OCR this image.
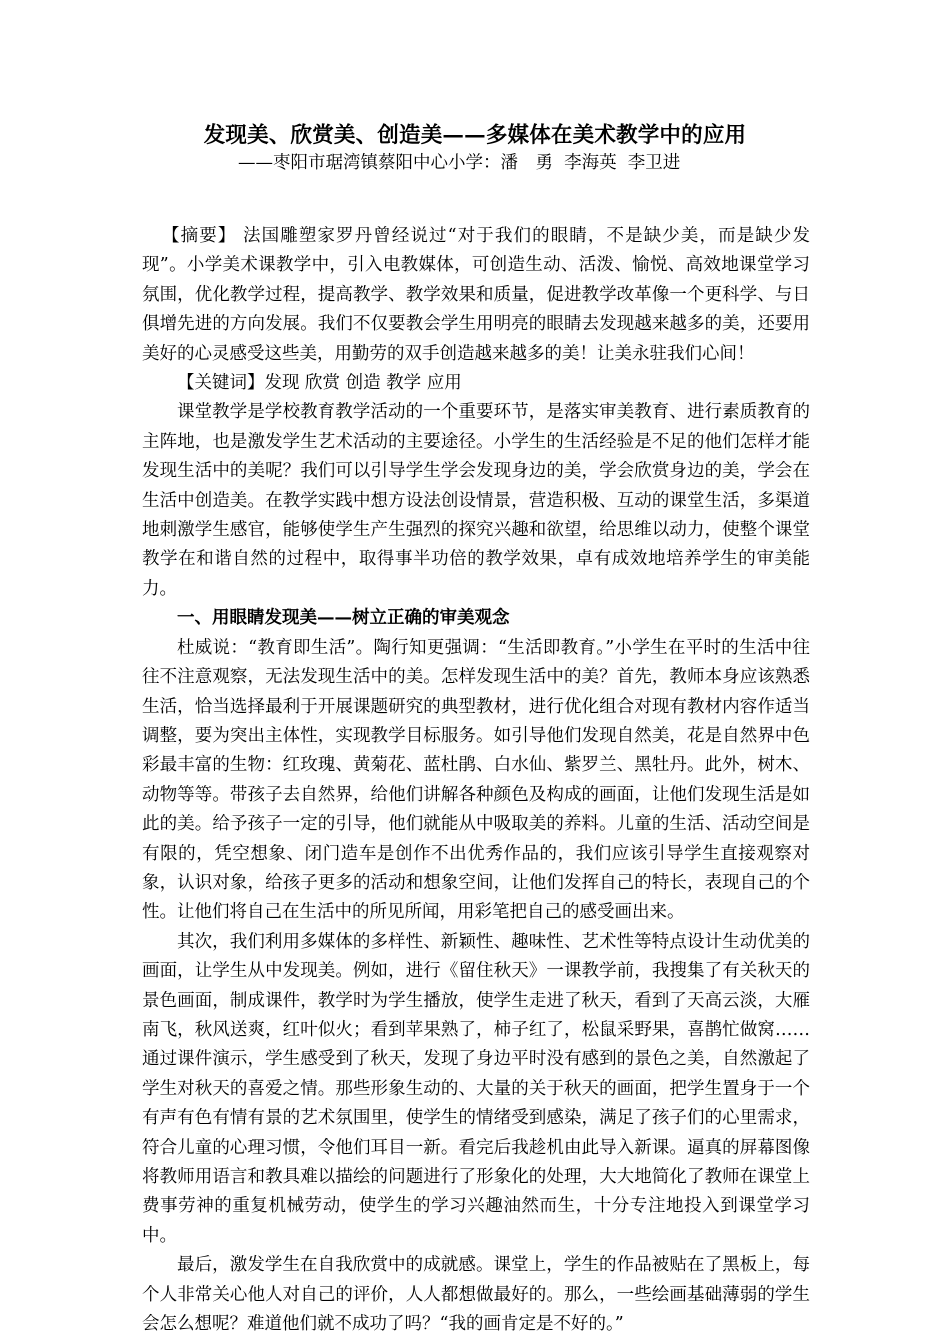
发现美、欣赏美、创造美——多媒体在美术教学中的应用
——枣阳市琚湾镇蔡阳中心小学：潘　勇  李海英  李卫进

【摘要】 法国雕塑家罗丹曾经说过“对于我们的眼睛，不是缺少美，而是缺少发现”。小学美术课教学中，引入电教媒体，可创造生动、活泼、愉悦、高效地课堂学习氛围，优化教学过程，提高教学、教学效果和质量，促进教学改革像一个更科学、与日俱增先进的方向发展。我们不仅要教会学生用明亮的眼睛去发现越来越多的美，还要用美好的心灵感受这些美，用勤劳的双手创造越来越多的美！让美永驻我们心间！

【关键词】发现 欣赏 创造 教学 应用

课堂教学是学校教育教学活动的一个重要环节，是落实审美教育、进行素质教育的主阵地，也是激发学生艺术活动的主要途径。小学生的生活经验是不足的他们怎样才能发现生活中的美呢？我们可以引导学生学会发现身边的美，学会欣赏身边的美，学会在生活中创造美。在教学实践中想方设法创设情景，营造积极、互动的课堂生活，多渠道地刺激学生感官，能够使学生产生强烈的探究兴趣和欲望，给思维以动力，使整个课堂教学在和谐自然的过程中，取得事半功倍的教学效果，卓有成效地培养学生的审美能力。

一、用眼睛发现美——树立正确的审美观念

杜威说：“教育即生活”。陶行知更强调：“生活即教育。”小学生在平时的生活中往往不注意观察，无法发现生活中的美。怎样发现生活中的美？首先，教师本身应该熟悉生活，恰当选择最利于开展课题研究的典型教材，进行优化组合对现有教材内容作适当调整，要为突出主体性，实现教学目标服务。如引导他们发现自然美，花是自然界中色彩最丰富的生物：红玫瑰、黄菊花、蓝杜鹃、白水仙、紫罗兰、黑牡丹。此外，树木、动物等等。带孩子去自然界，给他们讲解各种颜色及构成的画面，让他们发现生活是如此的美。给予孩子一定的引导，他们就能从中吸取美的养料。儿童的生活、活动空间是有限的，凭空想象、闭门造车是创作不出优秀作品的，我们应该引导学生直接观察对象，认识对象，给孩子更多的活动和想象空间，让他们发挥自己的特长，表现自己的个性。让他们将自己在生活中的所见所闻，用彩笔把自己的感受画出来。

其次，我们利用多媒体的多样性、新颖性、趣味性、艺术性等特点设计生动优美的画面，让学生从中发现美。例如，进行《留住秋天》一课教学前，我搜集了有关秋天的景色画面，制成课件，教学时为学生播放，使学生走进了秋天，看到了天高云淡，大雁南飞，秋风送爽，红叶似火；看到苹果熟了，柿子红了，松鼠采野果，喜鹊忙做窝……通过课件演示，学生感受到了秋天，发现了身边平时没有感到的景色之美，自然激起了学生对秋天的喜爱之情。那些形象生动的、大量的关于秋天的画面，把学生置身于一个有声有色有情有景的艺术氛围里，使学生的情绪受到感染，满足了孩子们的心里需求，符合儿童的心理习惯，令他们耳目一新。看完后我趁机由此导入新课。逼真的屏幕图像将教师用语言和教具难以描绘的问题进行了形象化的处理，大大地简化了教师在课堂上费事劳神的重复机械劳动，使学生的学习兴趣油然而生，十分专注地投入到课堂学习中。

最后，激发学生在自我欣赏中的成就感。课堂上，学生的作品被贴在了黑板上，每个人非常关心他人对自己的评价，人人都想做最好的。那么，一些绘画基础薄弱的学生会怎么想呢？难道他们就不成功了吗？“我的画肯定是不好的。”
